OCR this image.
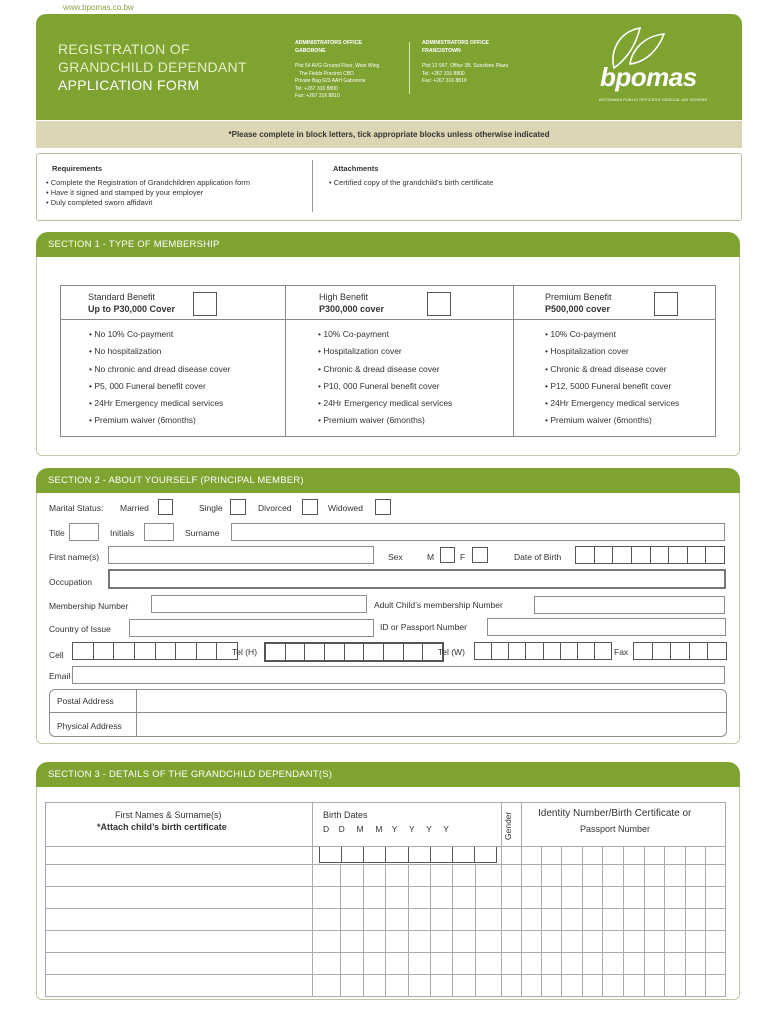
www.bpomas.co.bw
REGISTRATION OF
GRANDCHILD DEPENDANT
APPLICATION FORM
ADMINISTRATORS OFFICE
GABORONE
Plot 54 AVG Ground Floor, West Wing
The Fields Precinct CBD
Private Bag 623 AAH Gaborone
Tel: +267 316 8800
Fax: +267 316 8810
ADMINISTRATORS OFFICE
FRANCISTOWN
Plot 12 997, Office 3B, Sunshine Plaza
Tel: +267 316 8800
Fax: +267 316 8810	bpomas
BOTSWANA PUBLIC OFFICERS' MEDICAL AID SCHEME
*Please complete in block letters, tick appropriate blocks unless otherwise indicated
Requirements
• Complete the Registration of Grandchildren application form
• Have it signed and stamped by your employer
• Duly completed sworn affidavit
Attachments
• Certified copy of the grandchild’s birth certificate
SECTION 1 - TYPE OF MEMBERSHIP
Standard Benefit
Up to P30,000 Cover
• No 10% Co-payment
• No hospitalization
• No chronic and dread disease cover
• P5, 000 Funeral benefit cover
• 24Hr Emergency medical services
• Premium waiver (6months)
High Benefit
P300,000 cover
• 10% Co-payment
• Hospitalization cover
• Chronic & dread disease cover
• P10, 000 Funeral benefit cover
• 24Hr Emergency medical services
• Premium waiver (6months)
Premium Benefit
P500,000 cover
• 10% Co-payment
• Hospitalization cover
• Chronic & dread disease cover
• P12, 5000 Funeral benefit cover
• 24Hr Emergency medical services
• Premium waiver (6months)
SECTION 2 - ABOUT YOURSELF (PRINCIPAL MEMBER)
Marital Status: Married	Single	Divorced	Widowed
Title	Initials	Surname
First name(s)	Sex	M	F	Date of Birth
Occupation
Membership Number	Adult Child’s membership Number
Country of Issue	ID or Passport Number
Cell	Tel (H)	Tel (W)	Fax
Email
Postal Address
Physical Address
SECTION 3 - DETAILS OF THE GRANDCHILD DEPENDANT(S)
First Names & Surname(s)
*Attach child’s birth certificate
Birth Dates
D    D     M     M    Y     Y     Y     Y	Gender	Identity Number/Birth Certificate or
Passport Number
